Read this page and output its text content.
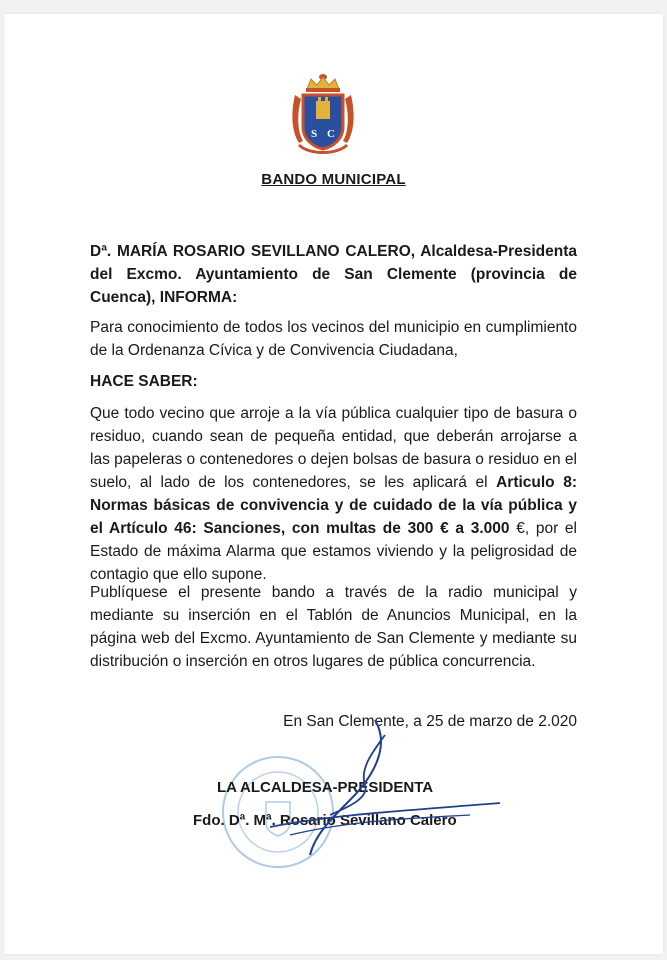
S C
BANDO MUNICIPAL
Dª. MARÍA ROSARIO SEVILLANO CALERO, Alcaldesa-Presidenta del Excmo. Ayuntamiento de San Clemente (provincia de Cuenca), INFORMA:
Para conocimiento de todos los vecinos del municipio en cumplimiento de la Ordenanza Cívica y de Convivencia Ciudadana,
HACE SABER:
Que todo vecino que arroje a la vía pública cualquier tipo de basura o residuo, cuando sean de pequeña entidad, que deberán arrojarse a las papeleras o contenedores o dejen bolsas de basura o residuo en el suelo, al lado de los contenedores, se les aplicará el Articulo 8: Normas básicas de convivencia y de cuidado de la vía pública y el Artículo 46: Sanciones, con multas de 300 € a 3.000 €, por el Estado de máxima Alarma que estamos viviendo y la peligrosidad de contagio que ello supone.
Publíquese el presente bando a través de la radio municipal y mediante su inserción en el Tablón de Anuncios Municipal, en la página web del Excmo. Ayuntamiento de San Clemente y mediante su distribución o inserción en otros lugares de pública concurrencia.
En San Clemente, a 25 de marzo de 2.020
LA ALCALDESA-PRESIDENTA
Fdo. Dª. Mª. Rosario Sevillano Calero
